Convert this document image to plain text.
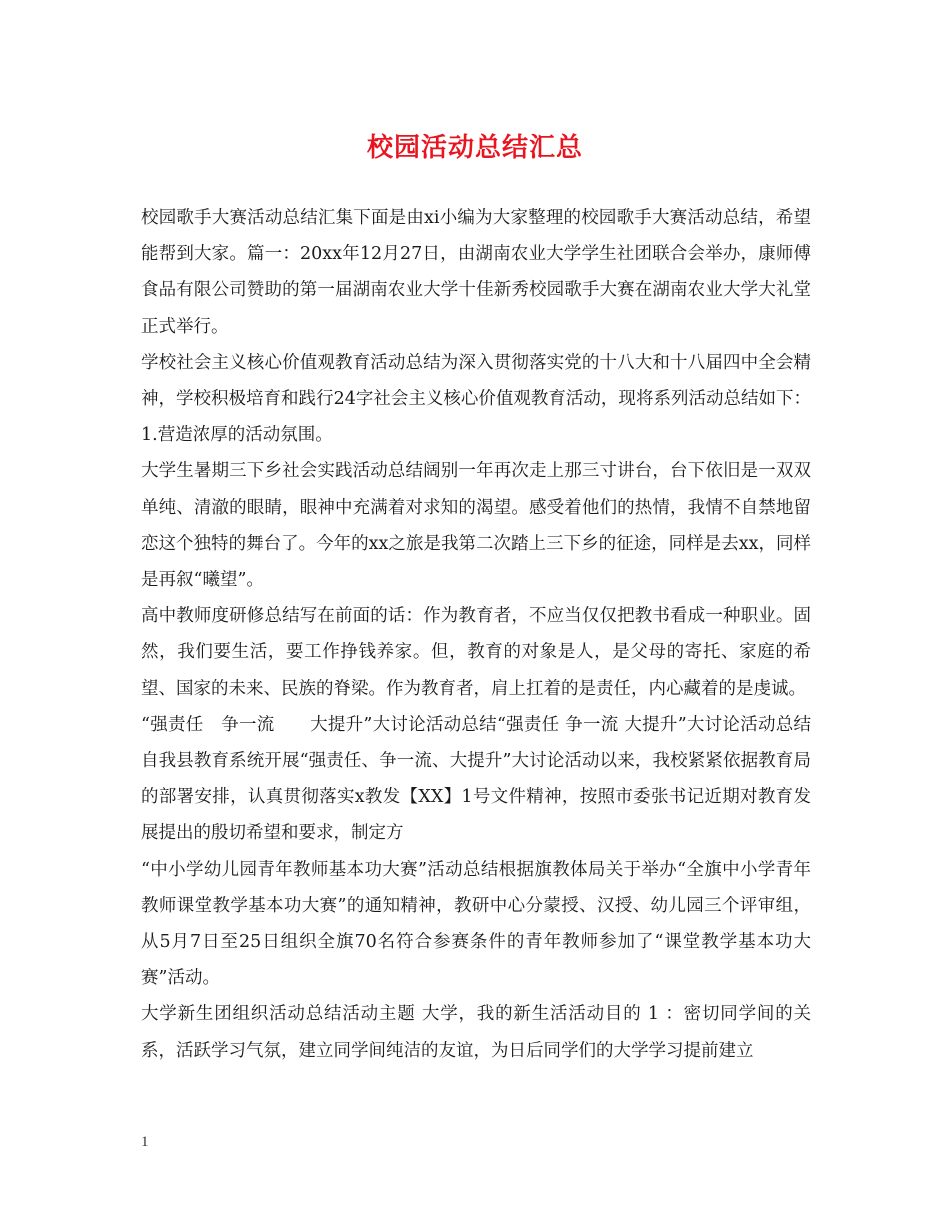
校园活动总结汇总

校园歌手大赛活动总结汇集下面是由xi小编为大家整理的校园歌手大赛活动总结，希望能帮到大家。篇一：20xx年12月27日，由湖南农业大学学生社团联合会举办，康师傅食品有限公司赞助的第一届湖南农业大学十佳新秀校园歌手大赛在湖南农业大学大礼堂正式举行。

学校社会主义核心价值观教育活动总结为深入贯彻落实党的十八大和十八届四中全会精神，学校积极培育和践行24字社会主义核心价值观教育活动，现将系列活动总结如下：1.营造浓厚的活动氛围。

大学生暑期三下乡社会实践活动总结阔别一年再次走上那三寸讲台，台下依旧是一双双单纯、清澈的眼睛，眼神中充满着对求知的渴望。感受着他们的热情，我情不自禁地留恋这个独特的舞台了。今年的xx之旅是我第二次踏上三下乡的征途，同样是去xx，同样是再叙“曦望”。

高中教师度研修总结写在前面的话：作为教育者，不应当仅仅把教书看成一种职业。固然，我们要生活，要工作挣钱养家。但，教育的对象是人，是父母的寄托、家庭的希望、国家的未来、民族的脊梁。作为教育者，肩上扛着的是责任，内心藏着的是虔诚。

“强责任　争一流　　大提升”大讨论活动总结“强责任 争一流 大提升”大讨论活动总结自我县教育系统开展“强责任、争一流、大提升”大讨论活动以来，我校紧紧依据教育局的部署安排，认真贯彻落实x教发【XX】1号文件精神，按照市委张书记近期对教育发展提出的殷切希望和要求，制定方

“中小学幼儿园青年教师基本功大赛”活动总结根据旗教体局关于举办“全旗中小学青年教师课堂教学基本功大赛”的通知精神，教研中心分蒙授、汉授、幼儿园三个评审组，从5月7日至25日组织全旗70名符合参赛条件的青年教师参加了“课堂教学基本功大赛”活动。

大学新生团组织活动总结活动主题 大学，我的新生活活动目的 1 ：密切同学间的关系，活跃学习气氛，建立同学间纯洁的友谊，为日后同学们的大学学习提前建立

1
